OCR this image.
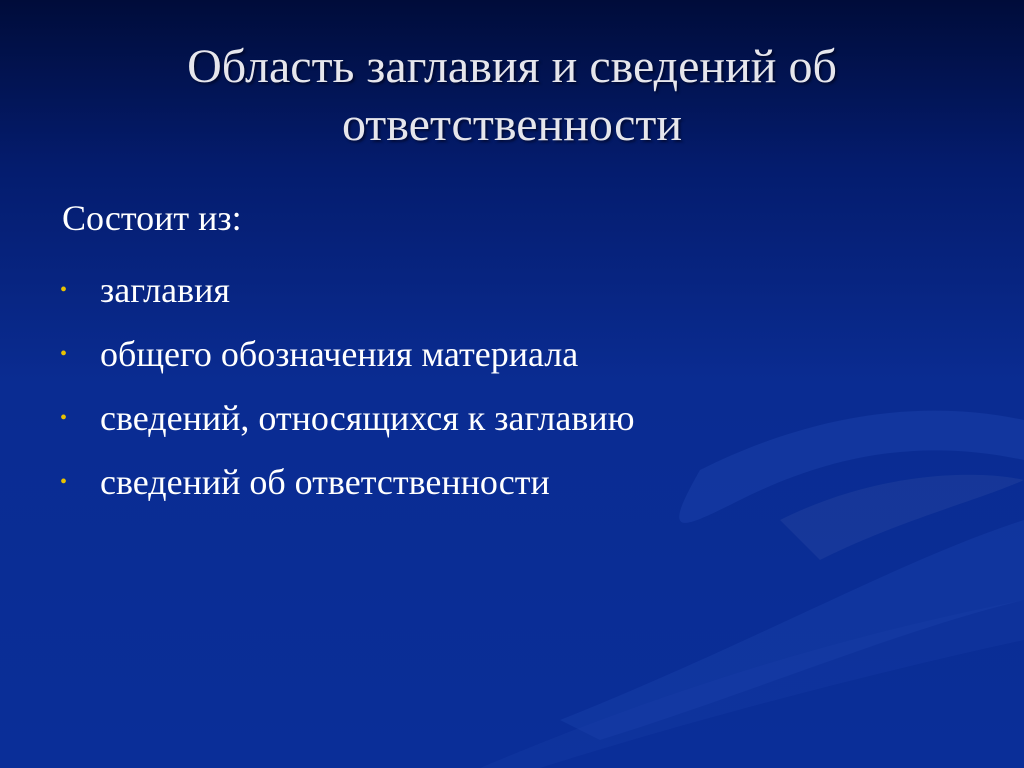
Область заглавия и сведений об ответственности
Состоит из:
• заглавия
• общего обозначения материала
• сведений, относящихся к заглавию
• сведений об ответственности
